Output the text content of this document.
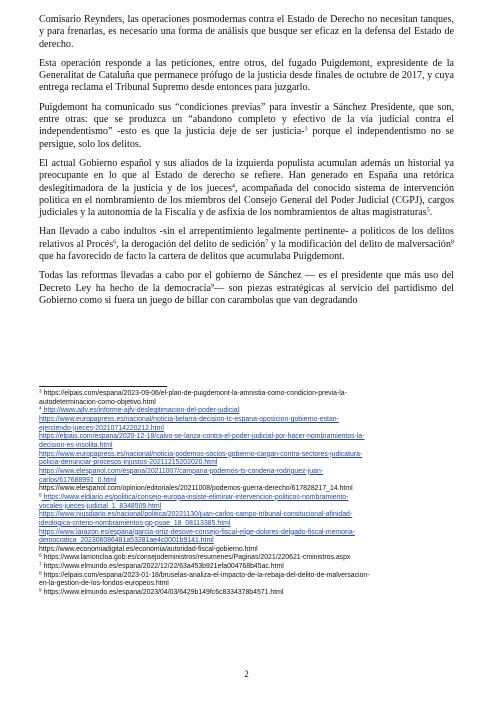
Comisario Reynders, las operaciones posmodernas contra el Estado de Derecho no necesitan tanques, y para frenarlas, es necesario una forma de análisis que busque ser eficaz en la defensa del Estado de derecho.

Esta operación responde a las peticiones, entre otros, del fugado Puigdemont, expresidente de la Generalitat de Cataluña que permanece prófugo de la justicia desde finales de octubre de 2017, y cuya entrega reclama el Tribunal Supremo desde entonces para juzgarlo.

Puigdemont ha comunicado sus “condiciones previas” para investir a Sánchez Presidente, que son, entre otras: que se produzca un “abandono completo y efectivo de la vía judicial contra el independentismo” -esto es que la justicia deje de ser justicia-$^3$ porque el independentismo no se persigue, solo los delitos.

El actual Gobierno español y sus aliados de la izquierda populista acumulan además un historial ya preocupante en lo que al Estado de derecho se refiere. Han generado en España una retórica deslegitimadora de la justicia y de los jueces$^4$, acompañada del conocido sistema de intervención política en el nombramiento de los miembros del Consejo General del Poder Judicial (CGPJ), cargos judiciales y la autonomía de la Fiscalía y de asfixia de los nombramientos de altas magistraturas$^5$.

Han llevado a cabo indultos -sin el arrepentimiento legalmente pertinente- a políticos de los delitos relativos al Procés$^6$, la derogación del delito de sedición$^7$ y la modificación del delito de malversación$^8$ que ha favorecido de facto la cartera de delitos que acumulaba Puigdemont.

Todas las reformas llevadas a cabo por el gobierno de Sánchez — es el presidente que más uso del Decreto Ley ha hecho de la democracia$^9$— son piezas estratégicas al servicio del partidismo del Gobierno como si fuera un juego de billar con carambolas que van degradando

$^3$ https://elpais.com/espana/2023-09-06/el-plan-de-puigdemont-la-amnistia-como-condicion-previa-la-
autodeterminacion-como-objetivo.html
$^4$ http://www.ajfv.es/informe-ajfv-deslegitimacion-del-poder-judicial
https://www.europapress.es/nacional/noticia-belarra-decision-tc-espana-oposicion-gobierno-estan-
ejerciendo-jueces-20210714220212.html
https://elpais.com/espana/2020-12-18/calvo-se-lanza-contra-el-poder-judicial-por-hacer-nombramientos-la-
decision-es-insolita.html
https://www.europapress.es/nacional/noticia-podemos-socios-gobierno-cargan-contra-sectores-judicatura-
policia-denunciar-procesos-injustos-20211215202020.html
https://www.elespanol.com/espana/20211007/campana-podemos-ts-condena-rodriguez-juan-
carlos/617688991_0.html
https://www.elespanol.com/opinion/editoriales/20211008/podemos-guerra-derecho/617828217_14.html
$^5$ https://www.eldiario.es/politica/consejo-europa-insiste-eliminar-intervencion-politicos-nombramiento-
vocales-jueces-judicial_1_8348509.html
https://www.niusdiario.es/nacional/politica/20221130/juan-carlos-campo-tribunal-consitucional-afinidad-
ideologica-criterio-nombramientos-pp-psoe_18_08113385.html
https://www.larazon.es/espana/garcia-ortiz-desove-consejo-fiscal-elige-dolores-delgado-fiscal-memoria-
democratica_202306086481a53281ae4c0001b9141.html
https://www.economiadigital.es/economia/autoridad-fiscal-gobierno.html
$^6$ https://www.lamoncloa.gob.es/consejodeministros/resumenes/Paginas/2021/220621-cministros.aspx
$^7$ https://www.elmundo.es/espana/2022/12/22/63a453b921efa004768b45ac.html
$^8$ https://elpais.com/espana/2023-01-18/bruselas-analiza-el-impacto-de-la-rebaja-del-delito-de-malversacion-
en-la-gestion-de-los-fondos-europeos.html
$^9$ https://www.elmundo.es/espana/2023/04/03/6429b149fc6c8334378b4571.html
2
